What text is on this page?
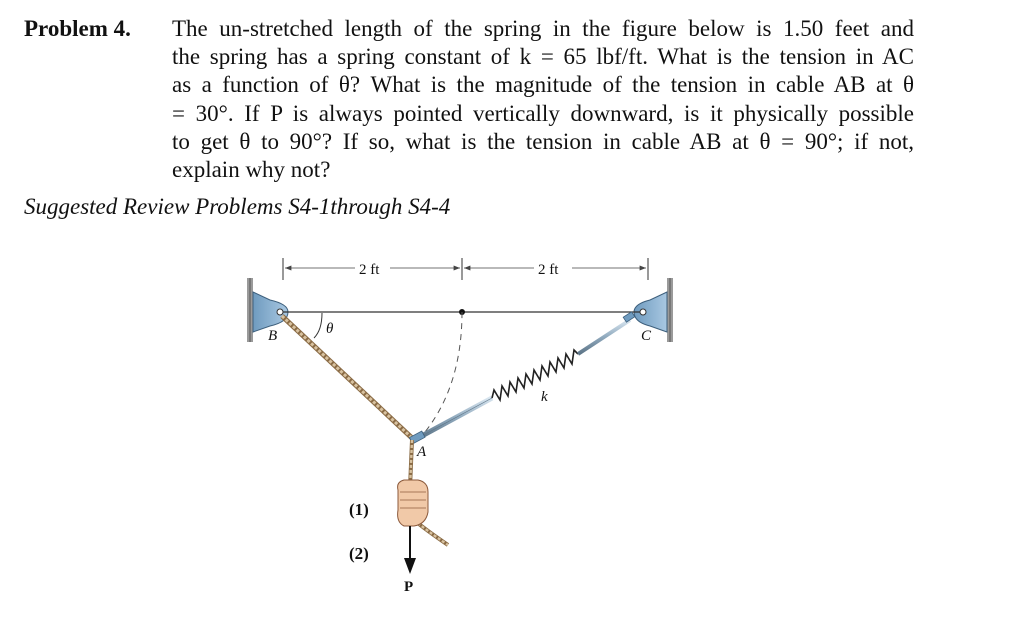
Problem 4. The un-stretched length of the spring in the figure below is 1.50 feet and
the spring has a spring constant of k = 65 lbf/ft. What is the tension in AC
as a function of θ? What is the magnitude of the tension in cable AB at θ
= 30°. If P is always pointed vertically downward, is it physically possible
to get θ to 90°? If so, what is the tension in cable AB at θ = 90°; if not,
explain why not?
Suggested Review Problems S4-1through S4-4
2 ft	2 ft
θ
k
A
P
B	C
(1)
(2)
